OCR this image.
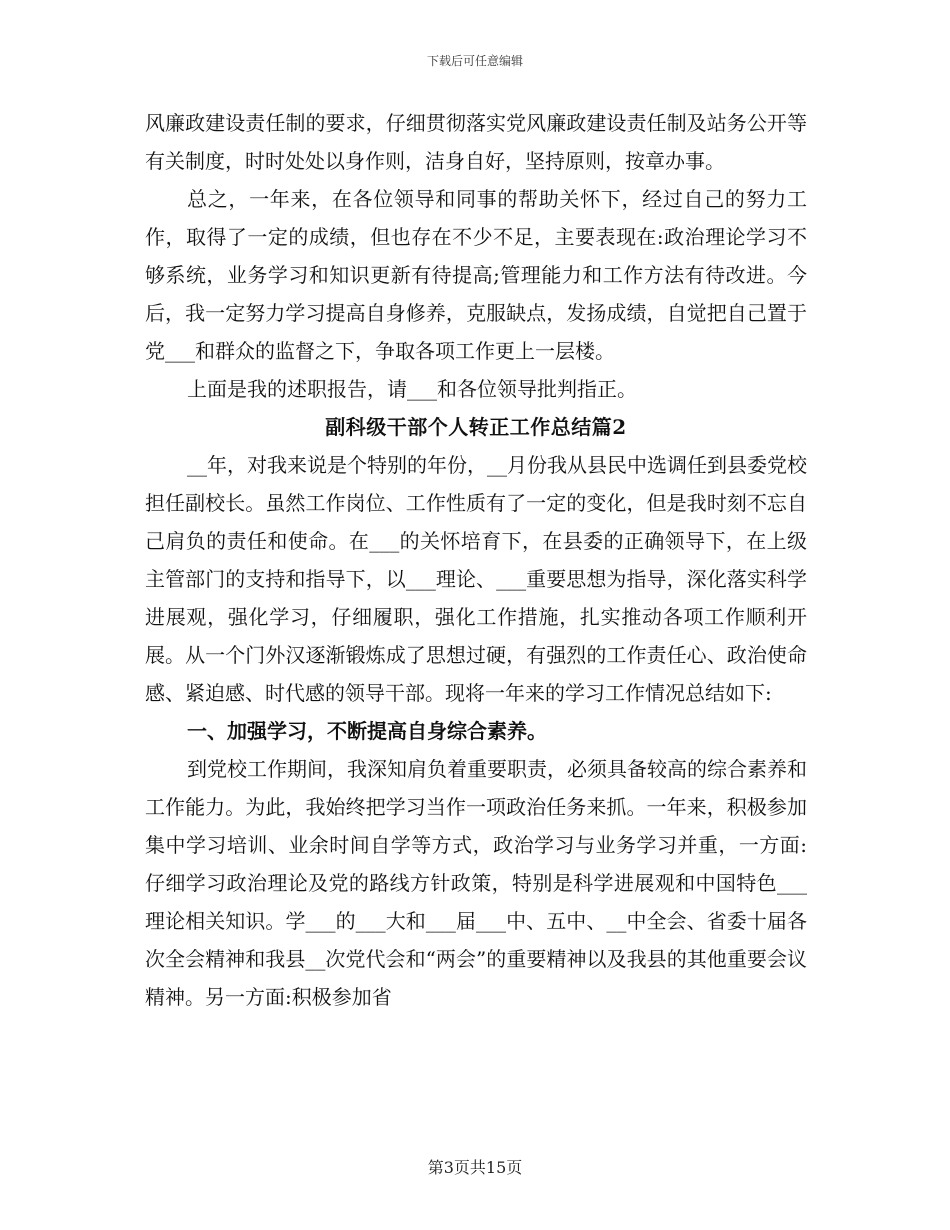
下载后可任意编辑

风廉政建设责任制的要求，仔细贯彻落实党风廉政建设责任制及站务公开等有关制度，时时处处以身作则，洁身自好，坚持原则，按章办事。

总之，一年来，在各位领导和同事的帮助关怀下，经过自己的努力工作，取得了一定的成绩，但也存在不少不足，主要表现在:政治理论学习不够系统，业务学习和知识更新有待提高;管理能力和工作方法有待改进。今后，我一定努力学习提高自身修养，克服缺点，发扬成绩，自觉把自己置于党___和群众的监督之下，争取各项工作更上一层楼。

上面是我的述职报告，请___和各位领导批判指正。

副科级干部个人转正工作总结篇2

__年，对我来说是个特别的年份，__月份我从县民中选调任到县委党校担任副校长。虽然工作岗位、工作性质有了一定的变化，但是我时刻不忘自己肩负的责任和使命。在___的关怀培育下，在县委的正确领导下，在上级主管部门的支持和指导下，以___理论、___重要思想为指导，深化落实科学进展观，强化学习，仔细履职，强化工作措施，扎实推动各项工作顺利开展。从一个门外汉逐渐锻炼成了思想过硬，有强烈的工作责任心、政治使命感、紧迫感、时代感的领导干部。现将一年来的学习工作情况总结如下:

一、加强学习，不断提高自身综合素养。

到党校工作期间，我深知肩负着重要职责，必须具备较高的综合素养和工作能力。为此，我始终把学习当作一项政治任务来抓。一年来，积极参加集中学习培训、业余时间自学等方式，政治学习与业务学习并重，一方面:仔细学习政治理论及党的路线方针政策，特别是科学进展观和中国特色___理论相关知识。学___的___大和___届___中、五中、__中全会、省委十届各次全会精神和我县__次党代会和“两会”的重要精神以及我县的其他重要会议精神。另一方面:积极参加省

第3页共15页
